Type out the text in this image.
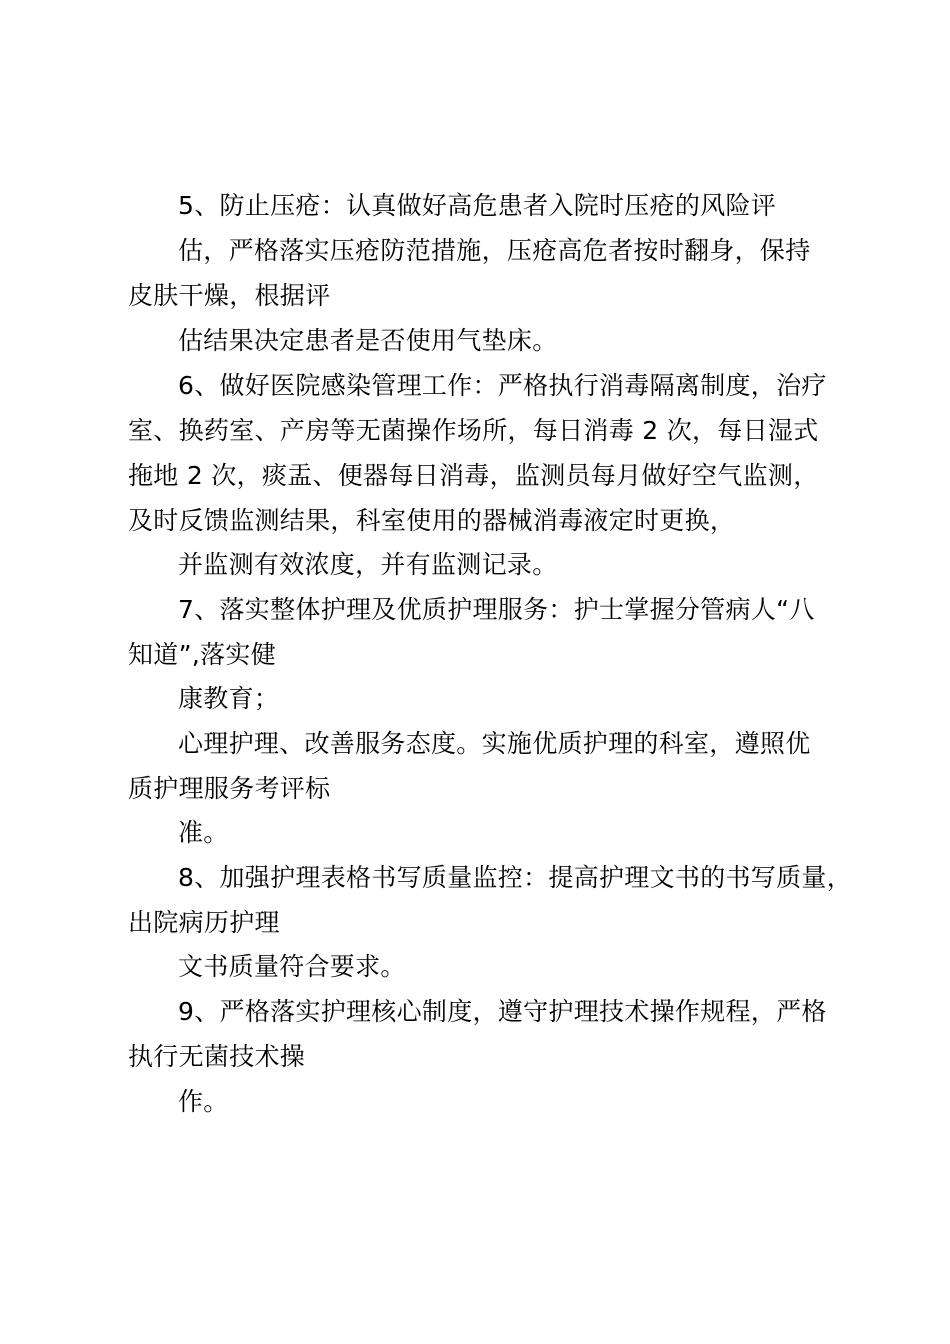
5、防止压疮：认真做好高危患者入院时压疮的风险评
估，严格落实压疮防范措施，压疮高危者按时翻身，保持
皮肤干燥，根据评
估结果决定患者是否使用气垫床。
6、做好医院感染管理工作：严格执行消毒隔离制度，治疗
室、换药室、产房等无菌操作场所，每日消毒 2 次，每日湿式
拖地 2 次，痰盂、便器每日消毒，监测员每月做好空气监测，
及时反馈监测结果，科室使用的器械消毒液定时更换，
并监测有效浓度，并有监测记录。
7、落实整体护理及优质护理服务：护士掌握分管病人“八
知道”,落实健
康教育；
心理护理、改善服务态度。实施优质护理的科室，遵照优
质护理服务考评标
准。
8、加强护理表格书写质量监控：提高护理文书的书写质量，
出院病历护理
文书质量符合要求。
9、严格落实护理核心制度，遵守护理技术操作规程，严格
执行无菌技术操
作。
